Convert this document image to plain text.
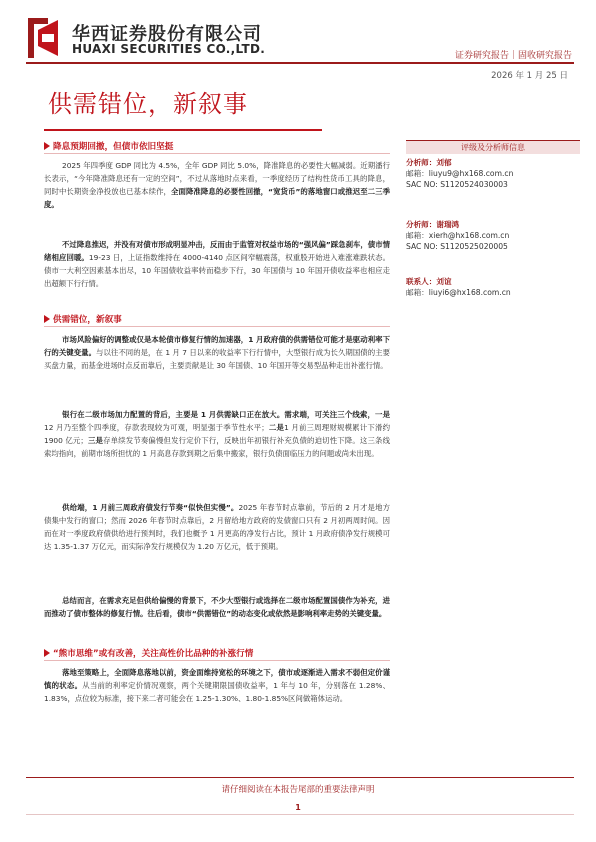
华西证券股份有限公司
HUAXI SECURITIES CO.,LTD.	证券研究报告｜固收研究报告
2026 年 1 月 25 日
供需错位，新叙事
评级及分析师信息
分析师：刘郁
邮箱：liuyu9@hx168.com.cn
SAC NO: S1120524030003
分析师：谢瑞鸿
邮箱：xierh@hx168.com.cn
SAC NO: S1120525020005
联系人：刘谊
邮箱：liuyi6@hx168.com.cn
降息预期回撤，但债市依旧坚挺
2025 年四季度 GDP 同比为 4.5%，全年 GDP 同比 5.0%，降准降息的必要性大幅减弱。近期潘行长表示，“今年降准降息还有一定的空间”，不过从落地时点来看，一季度经历了结构性货币工具的降息，同时中长期资金净投放也已基本续作，全面降准降息的必要性回撤，“宽货币”的落地窗口或推迟至二三季度。
不过降息推迟，并没有对债市形成明显冲击，反而由于监管对权益市场的“强风偏”踩急刹车，债市情绪相应回暖。19-23 日，上证指数维持在 4000-4140 点区间窄幅震荡，权重股开始进入难涨难跌状态。债市一大利空因素基本出尽，10 年国债收益率转而稳步下行，30 年国债与 10 年国开债收益率也相应走出超额下行行情。
供需错位，新叙事
市场风险偏好的调整或仅是本轮债市修复行情的加速器，1 月政府债的供需错位可能才是驱动利率下行的关键变量。与以往不同的是，在 1 月 7 日以来的收益率下行行情中，大型银行成为长久期国债的主要买盘力量，而基金进场时点反而靠后，主要贡献是让 30 年国债、10 年国开等交易型品种走出补涨行情。
银行在二级市场加力配置的背后，主要是 1 月供需缺口正在放大。需求端，可关注三个线索，一是12 月乃至整个四季度，存款表现较为可观，明显强于季节性水平；二是1 月前三周理财规模累计下滑约 1900 亿元；三是存单续发节奏偏慢但发行定价下行，反映出年初银行补充负债的迫切性下降。这三条线索均指向，前期市场所担忧的 1 月高息存款到期之后集中搬家，银行负债面临压力的问题或尚未出现。
供给端，1 月前三周政府债发行节奏“似快但实慢”。2025 年春节时点靠前，节后的 2 月才是地方债集中发行的窗口；然而 2026 年春节时点靠后，2 月留给地方政府的发债窗口只有 2 月初两周时间。因而在对一季度政府债供给进行预判时，我们也概予 1 月更高的净发行占比，预计 1 月政府债净发行规模可达 1.35-1.37 万亿元，而实际净发行规模仅为 1.20 万亿元，低于预期。
总结而言，在需求充足但供给偏慢的背景下，不少大型银行或选择在二级市场配置国债作为补充，进而推动了债市整体的修复行情。往后看，债市“供需错位”的动态变化或依然是影响利率走势的关键变量。
“熊市思维”或有改善，关注高性价比品种的补涨行情
落地至策略上，全面降息落地以前，资金面维持宽松的环境之下，债市或逐渐进入需求不弱但定价谨慎的状态。从当前的利率定价情况观察，两个关键期限国债收益率，1 年与 10 年，分别落在 1.28%、1.83%，点位较为标准，接下来二者可能会在 1.25-1.30%、1.80-1.85%区间做箱体运动。
请仔细阅读在本报告尾部的重要法律声明
1
